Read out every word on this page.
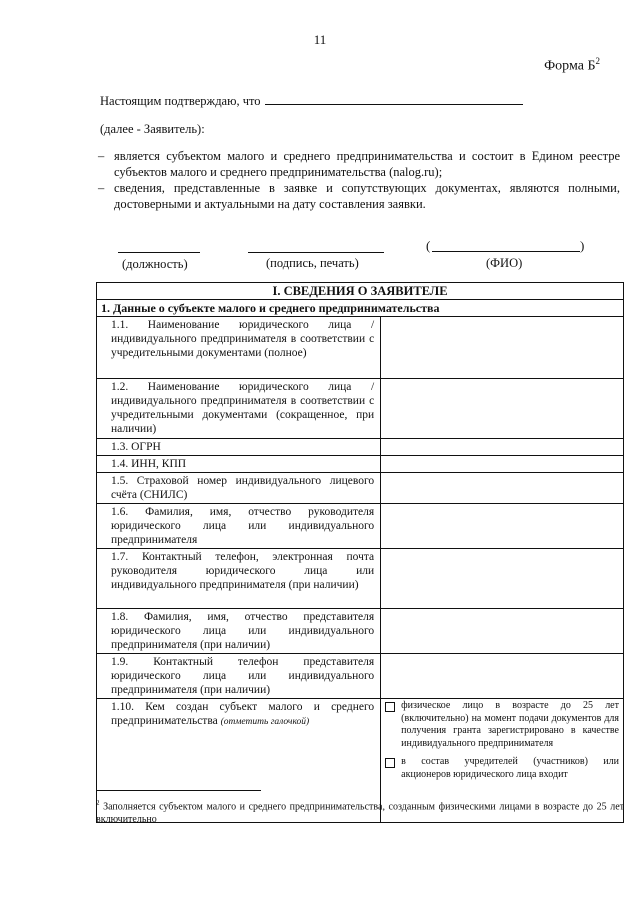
11
Форма $Б^2$
Настоящим подтверждаю, что
(далее - Заявитель):
– является субъектом малого и среднего предпринимательства и состоит в Едином реестре субъектов малого и среднего предпринимательства (nalog.ru);
– сведения, представленные в заявке и сопутствующих документах, являются полными, достоверными и актуальными на дату составления заявки.
(	)
(должность)	(подпись, печать)	(ФИО)
I. СВЕДЕНИЯ О ЗАЯВИТЕЛЕ	
1. Данные о субъекте малого и среднего предпринимательства	
1.1. Наименование юридического лица /индивидуального предпринимателя в соответствии с учредительными документами (полное)	
1.2. Наименование юридического лица /индивидуального предпринимателя в соответствии с учредительными документами (сокращенное, при наличии)	
1.3. ОГРН	
1.4. ИНН, КПП	
1.5. Страховой номер индивидуального лицевого счёта (СНИЛС)	
1.6. Фамилия, имя, отчество руководителя юридического лица или индивидуального предпринимателя	
1.7. Контактный телефон, электронная почта руководителя юридического лица или индивидуального предпринимателя (при наличии)	
1.8. Фамилия, имя, отчество представителя юридического лица или индивидуального предпринимателя (при наличии)	
1.9. Контактный телефон представителя юридического лица или индивидуального предпринимателя (при наличии)	
1.10. Кем создан субъект малого и среднего предпринимательства (отметить галочкой)	физическое лицо в возрасте до 25 лет (включительно) на момент подачи документов для получения гранта зарегистрировано в качестве индивидуального предпринимателя
в состав учредителей (участников) или акционеров юридического лица входит
$^2$ Заполняется субъектом малого и среднего предпринимательства, созданным физическими лицами в возрасте до 25 лет включительно
